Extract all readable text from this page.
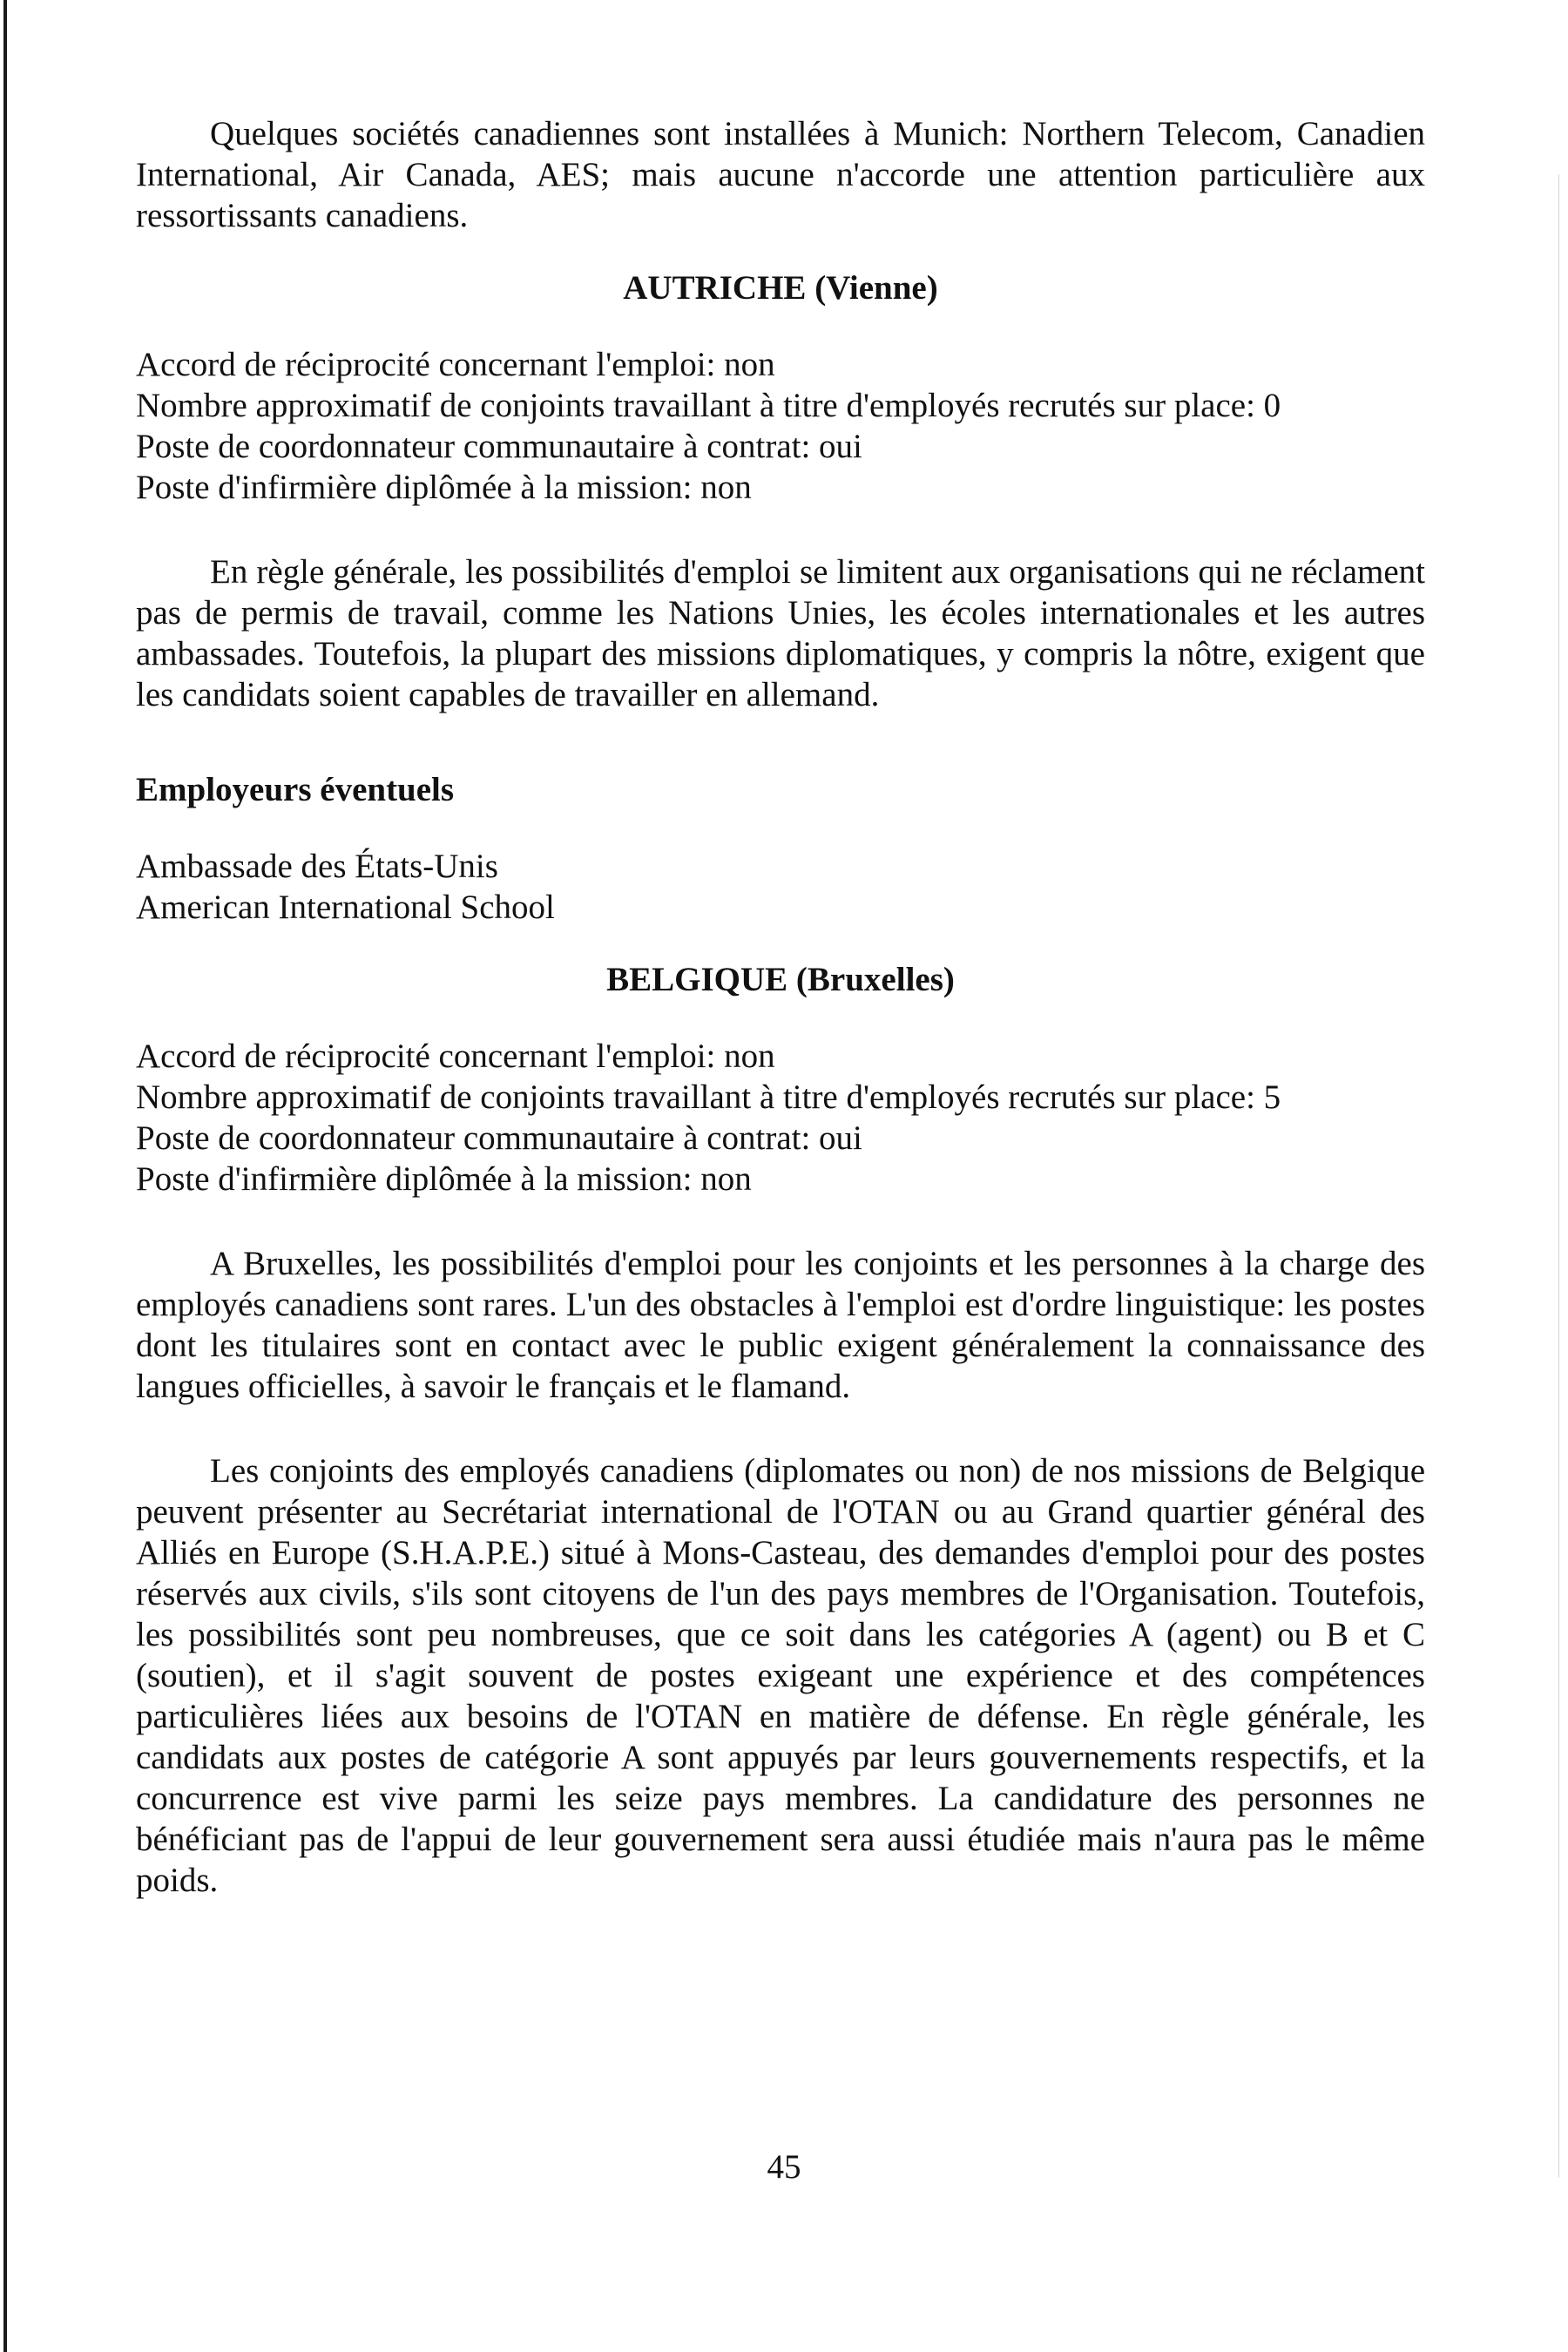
Quelques sociétés canadiennes sont installées à Munich: Northern Telecom, Canadien International, Air Canada, AES; mais aucune n'accorde une attention particulière aux ressortissants canadiens.

AUTRICHE (Vienne)

Accord de réciprocité concernant l'emploi: non

Nombre approximatif de conjoints travaillant à titre d'employés recrutés sur place: 0

Poste de coordonnateur communautaire à contrat: oui

Poste d'infirmière diplômée à la mission: non

En règle générale, les possibilités d'emploi se limitent aux organisations qui ne réclament pas de permis de travail, comme les Nations Unies, les écoles internationales et les autres ambassades. Toutefois, la plupart des missions diplomatiques, y compris la nôtre, exigent que les candidats soient capables de travailler en allemand.

Employeurs éventuels

Ambassade des États-Unis

American International School

BELGIQUE (Bruxelles)

Accord de réciprocité concernant l'emploi: non

Nombre approximatif de conjoints travaillant à titre d'employés recrutés sur place: 5

Poste de coordonnateur communautaire à contrat: oui

Poste d'infirmière diplômée à la mission: non

A Bruxelles, les possibilités d'emploi pour les conjoints et les personnes à la charge des employés canadiens sont rares. L'un des obstacles à l'emploi est d'ordre linguistique: les postes dont les titulaires sont en contact avec le public exigent généralement la connaissance des langues officielles, à savoir le français et le flamand.

Les conjoints des employés canadiens (diplomates ou non) de nos missions de Belgique peuvent présenter au Secrétariat international de l'OTAN ou au Grand quartier général des Alliés en Europe (S.H.A.P.E.) situé à Mons-Casteau, des demandes d'emploi pour des postes réservés aux civils, s'ils sont citoyens de l'un des pays membres de l'Organisation. Toutefois, les possibilités sont peu nombreuses, que ce soit dans les catégories A (agent) ou B et C (soutien), et il s'agit souvent de postes exigeant une expérience et des compétences particulières liées aux besoins de l'OTAN en matière de défense. En règle générale, les candidats aux postes de catégorie A sont appuyés par leurs gouvernements respectifs, et la concurrence est vive parmi les seize pays membres. La candidature des personnes ne bénéficiant pas de l'appui de leur gouvernement sera aussi étudiée mais n'aura pas le même poids.

45
